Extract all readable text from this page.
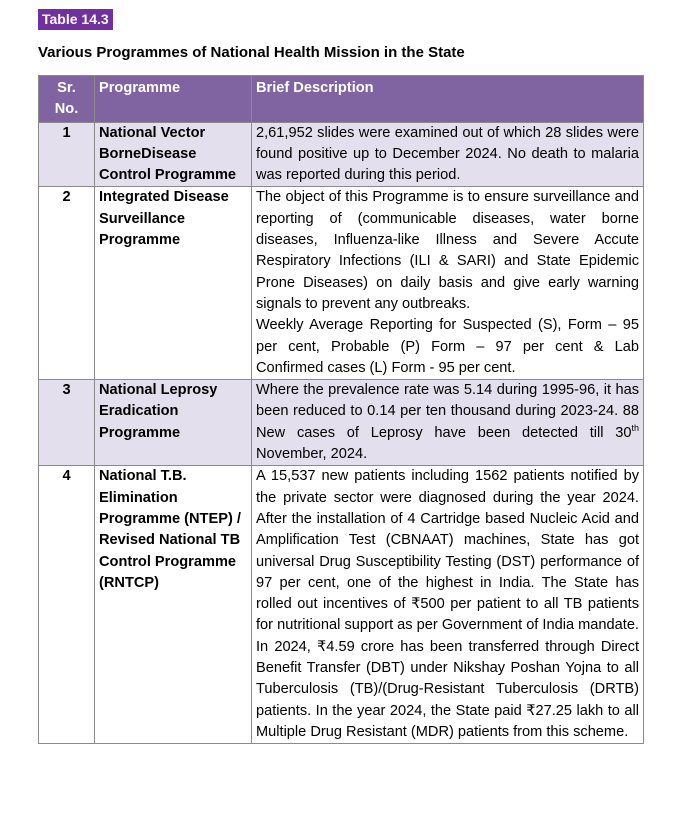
Table 14.3
Various Programmes of National Health Mission in the State
Sr.
No.	Programme	Brief Description
1	National Vector BorneDisease Control Programme	2,61,952 slides were examined out of which 28 slides were found positive up to December 2024. No death to malaria was reported during this period.
2	Integrated Disease Surveillance Programme	The object of this Programme is to ensure surveillance and reporting of (communicable diseases, water borne diseases, Influenza-like Illness and Severe Accute Respiratory Infections (ILI & SARI) and State Epidemic Prone Diseases) on daily basis and give early warning signals to prevent any outbreaks.

Weekly Average Reporting for Suspected (S), Form – 95 per cent, Probable (P) Form – 97 per cent & Lab Confirmed cases (L) Form - 95 per cent.

3	National Leprosy Eradication Programme	Where the prevalence rate was 5.14 during 1995-96, it has been reduced to 0.14 per ten thousand during 2023-24. 88 New cases of Leprosy have been detected till 30th November, 2024.
4	National T.B. Elimination Programme (NTEP) / Revised National TB Control Programme (RNTCP)	A 15,537 new patients including 1562 patients notified by the private sector were diagnosed during the year 2024. After the installation of 4 Cartridge based Nucleic Acid and Amplification Test (CBNAAT) machines, State has got universal Drug Susceptibility Testing (DST) performance of 97 per cent, one of the highest in India. The State has rolled out incentives of ₹500 per patient to all TB patients for nutritional support as per Government of India mandate. In 2024, ₹4.59 crore has been transferred through Direct Benefit Transfer (DBT) under Nikshay Poshan Yojna to all Tuberculosis (TB)/(Drug-Resistant Tuberculosis (DRTB) patients. In the year 2024, the State paid ₹27.25 lakh to all Multiple Drug Resistant (MDR) patients from this scheme.
